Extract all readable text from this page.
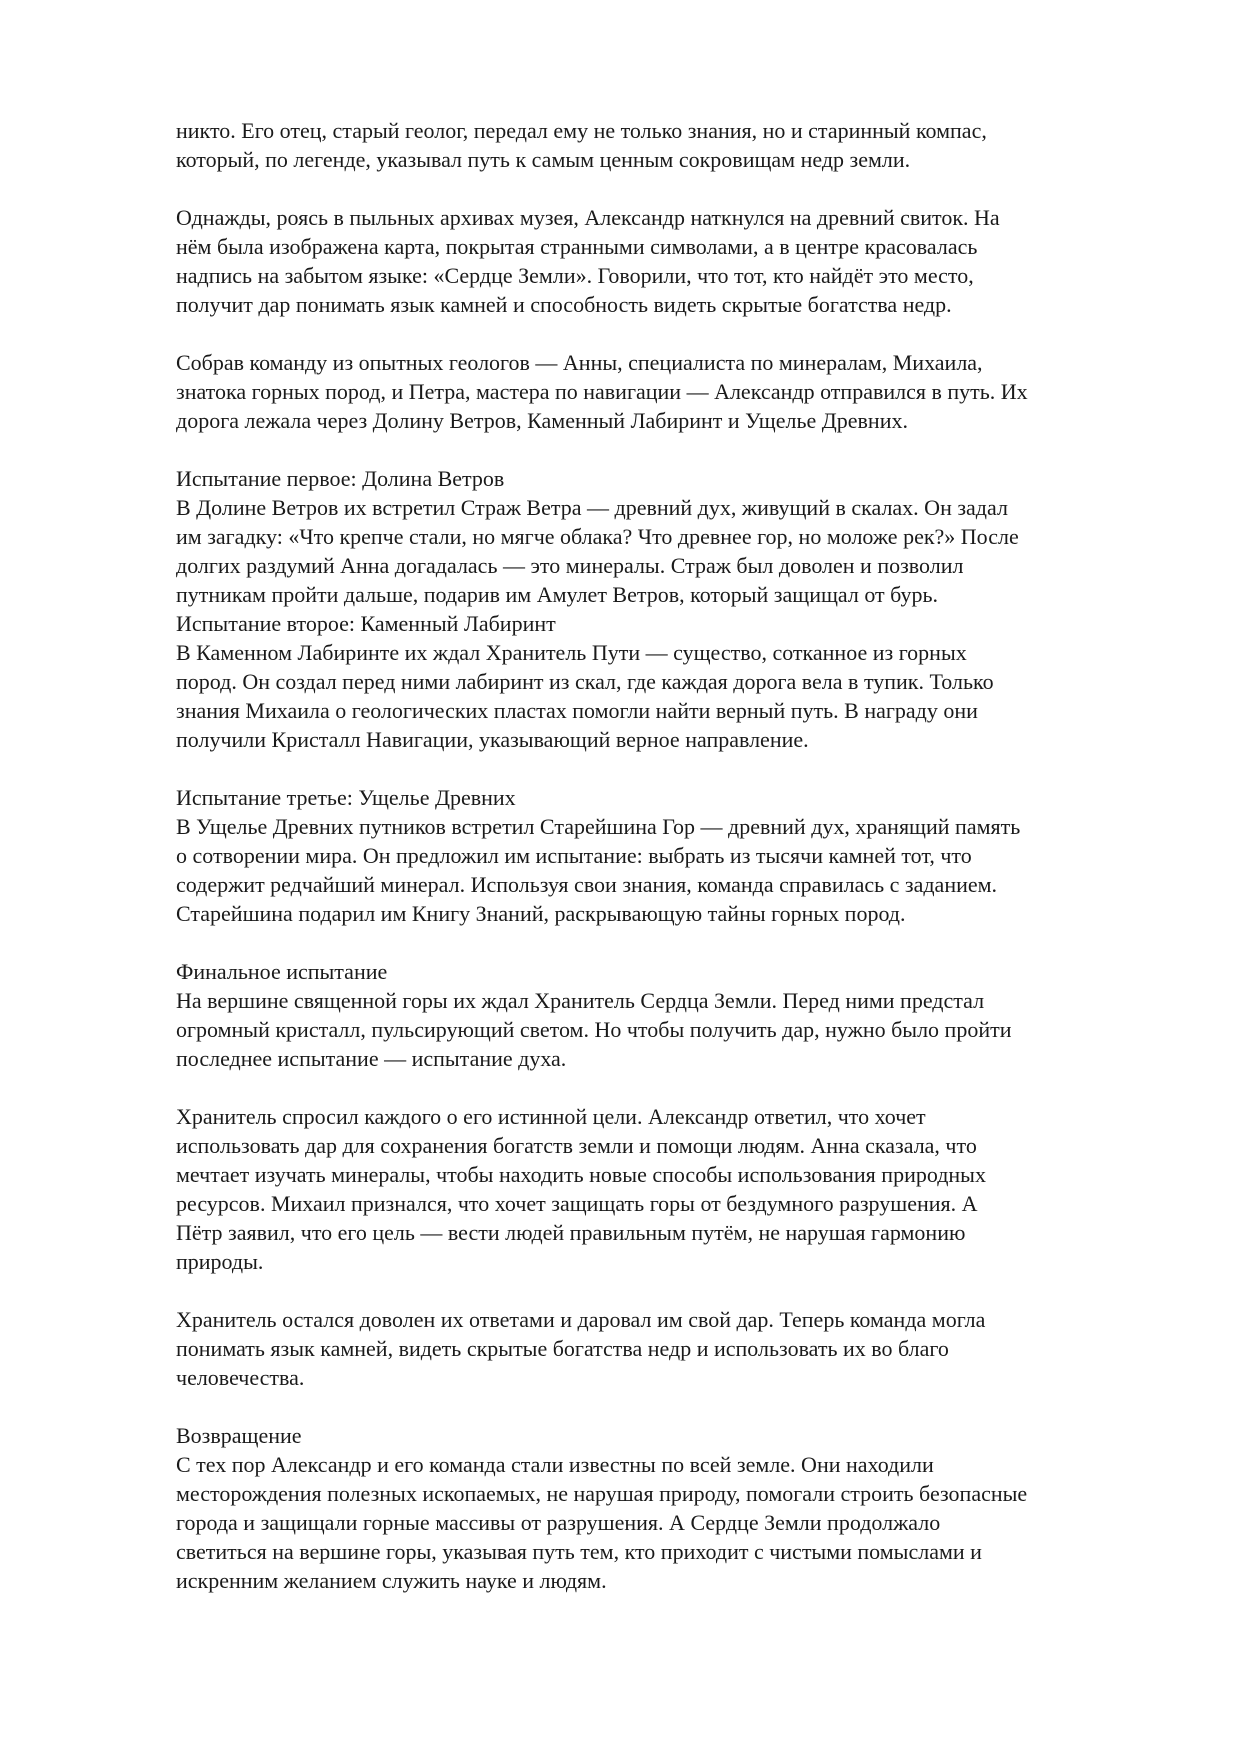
никто. Его отец, старый геолог, передал ему не только знания, но и старинный компас,
который, по легенде, указывал путь к самым ценным сокровищам недр земли.
Однажды, роясь в пыльных архивах музея, Александр наткнулся на древний свиток. На
нём была изображена карта, покрытая странными символами, а в центре красовалась
надпись на забытом языке: «Сердце Земли». Говорили, что тот, кто найдёт это место,
получит дар понимать язык камней и способность видеть скрытые богатства недр.
Собрав команду из опытных геологов — Анны, специалиста по минералам, Михаила,
знатока горных пород, и Петра, мастера по навигации — Александр отправился в путь. Их
дорога лежала через Долину Ветров, Каменный Лабиринт и Ущелье Древних.
Испытание первое: Долина Ветров
В Долине Ветров их встретил Страж Ветра — древний дух, живущий в скалах. Он задал
им загадку: «Что крепче стали, но мягче облака? Что древнее гор, но моложе рек?» После
долгих раздумий Анна догадалась — это минералы. Страж был доволен и позволил
путникам пройти дальше, подарив им Амулет Ветров, который защищал от бурь.
Испытание второе: Каменный Лабиринт
В Каменном Лабиринте их ждал Хранитель Пути — существо, сотканное из горных
пород. Он создал перед ними лабиринт из скал, где каждая дорога вела в тупик. Только
знания Михаила о геологических пластах помогли найти верный путь. В награду они
получили Кристалл Навигации, указывающий верное направление.
Испытание третье: Ущелье Древних
В Ущелье Древних путников встретил Старейшина Гор — древний дух, хранящий память
о сотворении мира. Он предложил им испытание: выбрать из тысячи камней тот, что
содержит редчайший минерал. Используя свои знания, команда справилась с заданием.
Старейшина подарил им Книгу Знаний, раскрывающую тайны горных пород.
Финальное испытание
На вершине священной горы их ждал Хранитель Сердца Земли. Перед ними предстал
огромный кристалл, пульсирующий светом. Но чтобы получить дар, нужно было пройти
последнее испытание — испытание духа.
Хранитель спросил каждого о его истинной цели. Александр ответил, что хочет
использовать дар для сохранения богатств земли и помощи людям. Анна сказала, что
мечтает изучать минералы, чтобы находить новые способы использования природных
ресурсов. Михаил признался, что хочет защищать горы от бездумного разрушения. А
Пётр заявил, что его цель — вести людей правильным путём, не нарушая гармонию
природы.
Хранитель остался доволен их ответами и даровал им свой дар. Теперь команда могла
понимать язык камней, видеть скрытые богатства недр и использовать их во благо
человечества.
Возвращение
С тех пор Александр и его команда стали известны по всей земле. Они находили
месторождения полезных ископаемых, не нарушая природу, помогали строить безопасные
города и защищали горные массивы от разрушения. А Сердце Земли продолжало
светиться на вершине горы, указывая путь тем, кто приходит с чистыми помыслами и
искренним желанием служить науке и людям.
